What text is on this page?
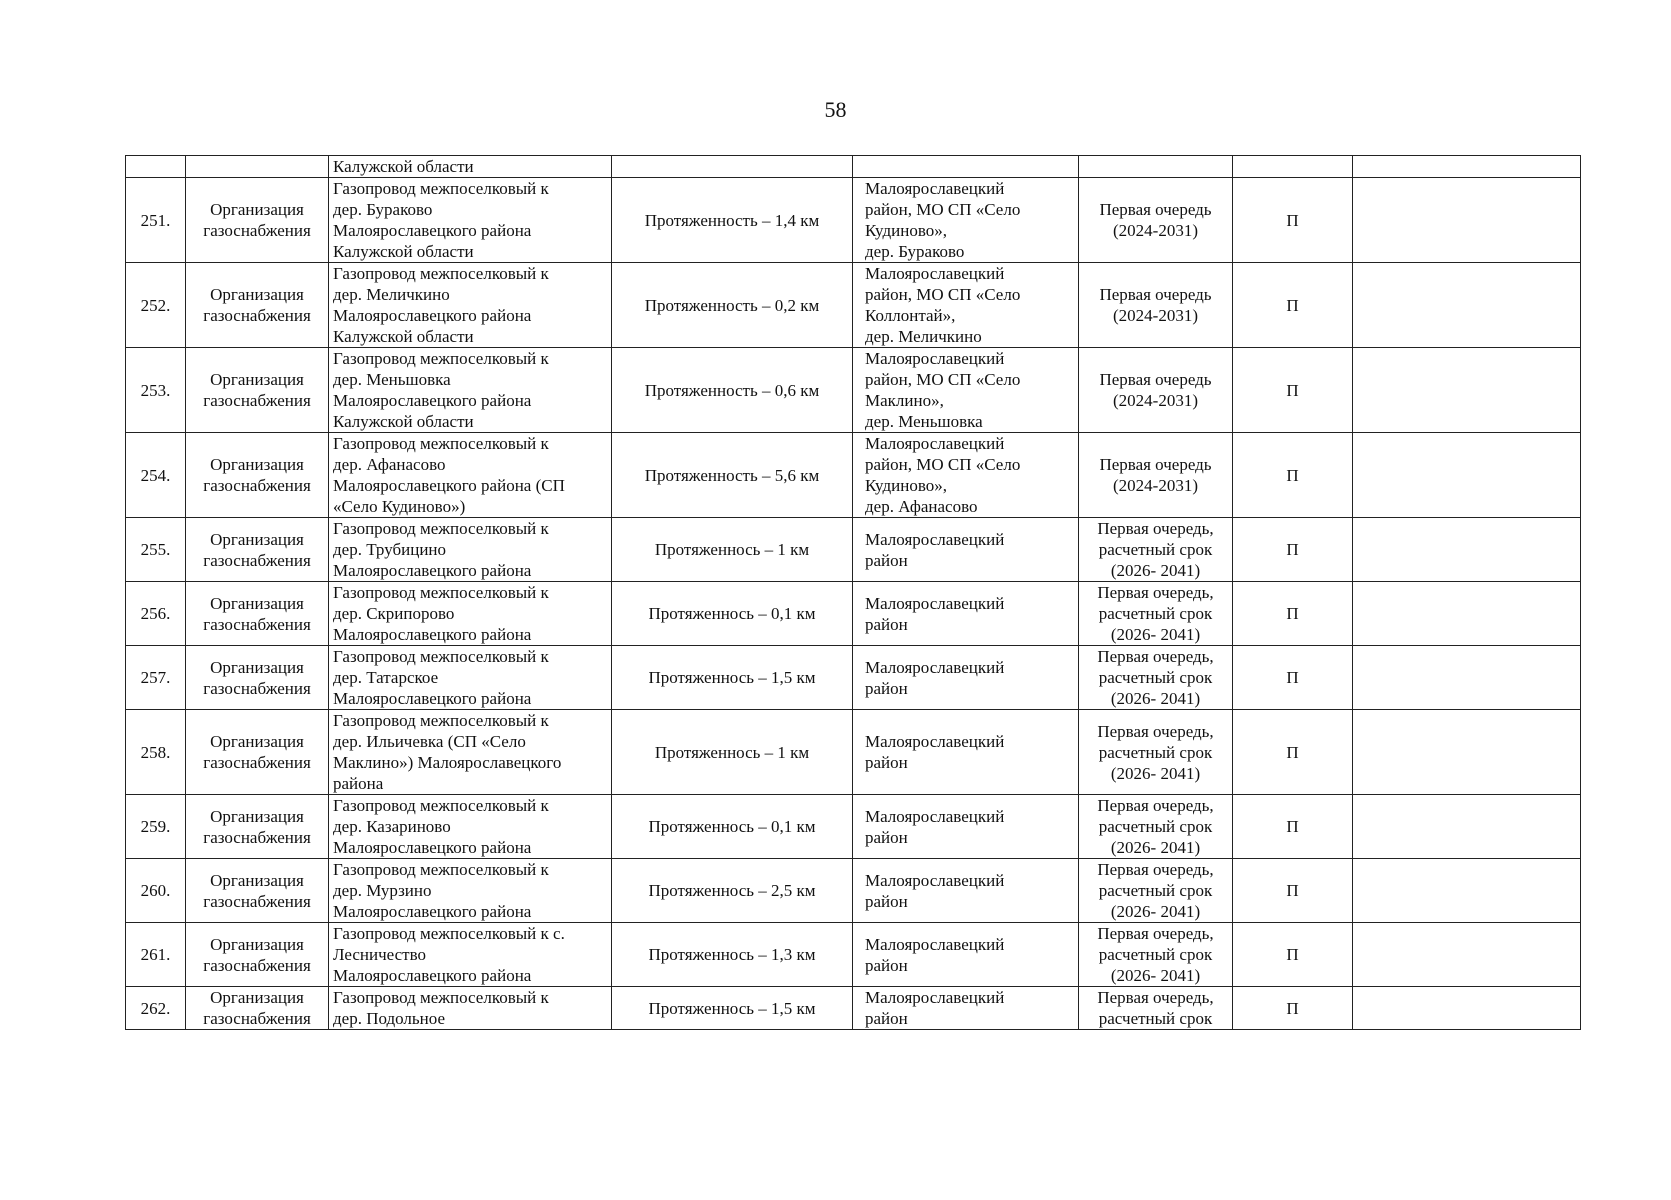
58
		Калужской области					
251.	Организация
газоснабжения	Газопровод межпоселковый к
дер. Бураково
Малоярославецкого района
Калужской области	Протяженность – 1,4 км	Малоярославецкий
район, МО СП «Село
Кудиново»,
дер. Бураково	Первая очередь
(2024-2031)	П	
252.	Организация
газоснабжения	Газопровод межпоселковый к
дер. Меличкино
Малоярославецкого района
Калужской области	Протяженность – 0,2 км	Малоярославецкий
район, МО СП «Село
Коллонтай»,
дер. Меличкино	Первая очередь
(2024-2031)	П	
253.	Организация
газоснабжения	Газопровод межпоселковый к
дер. Меньшовка
Малоярославецкого района
Калужской области	Протяженность – 0,6 км	Малоярославецкий
район, МО СП «Село
Маклино»,
дер. Меньшовка	Первая очередь
(2024-2031)	П	
254.	Организация
газоснабжения	Газопровод межпоселковый к
дер. Афанасово
Малоярославецкого района (СП
«Село Кудиново»)	Протяженность – 5,6 км	Малоярославецкий
район, МО СП «Село
Кудиново»,
дер. Афанасово	Первая очередь
(2024-2031)	П	
255.	Организация
газоснабжения	Газопровод межпоселковый к
дер. Трубицино
Малоярославецкого района	Протяженнось – 1 км	Малоярославецкий
район	Первая очередь,
расчетный срок
(2026- 2041)	П	
256.	Организация
газоснабжения	Газопровод межпоселковый к
дер. Скрипорово
Малоярославецкого района	Протяженнось – 0,1 км	Малоярославецкий
район	Первая очередь,
расчетный срок
(2026- 2041)	П	
257.	Организация
газоснабжения	Газопровод межпоселковый к
дер. Татарское
Малоярославецкого района	Протяженнось – 1,5 км	Малоярославецкий
район	Первая очередь,
расчетный срок
(2026- 2041)	П	
258.	Организация
газоснабжения	Газопровод межпоселковый к
дер. Ильичевка (СП «Село
Маклино») Малоярославецкого
района	Протяженнось – 1 км	Малоярославецкий
район	Первая очередь,
расчетный срок
(2026- 2041)	П	
259.	Организация
газоснабжения	Газопровод межпоселковый к
дер. Казариново
Малоярославецкого района	Протяженнось – 0,1 км	Малоярославецкий
район	Первая очередь,
расчетный срок
(2026- 2041)	П	
260.	Организация
газоснабжения	Газопровод межпоселковый к
дер. Мурзино
Малоярославецкого района	Протяженнось – 2,5 км	Малоярославецкий
район	Первая очередь,
расчетный срок
(2026- 2041)	П	
261.	Организация
газоснабжения	Газопровод межпоселковый к с.
Лесничество
Малоярославецкого района	Протяженнось – 1,3 км	Малоярославецкий
район	Первая очередь,
расчетный срок
(2026- 2041)	П	
262.	Организация
газоснабжения	Газопровод межпоселковый к
дер. Подольное	Протяженнось – 1,5 км	Малоярославецкий
район	Первая очередь,
расчетный срок	П	
